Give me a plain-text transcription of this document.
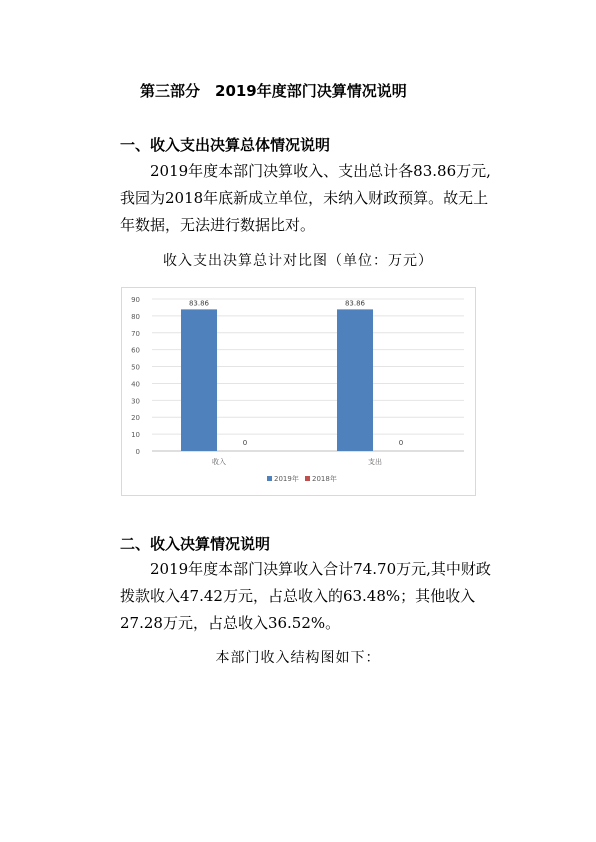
第三部分　2019年度部门决算情况说明
一、收入支出决算总体情况说明
2019年度本部门决算收入、支出总计各83.86万元,我园为2018年底新成立单位，未纳入财政预算。故无上年数据，无法进行数据比对。
收入支出决算总计对比图（单位：万元）
0
10
20
30
40
50
60
70
80
90	83.86
0
收入
83.86
0
支出
2019年 2018年
二、收入决算情况说明
2019年度本部门决算收入合计74.70万元,其中财政拨款收入47.42万元，占总收入的63.48%；其他收入27.28万元，占总收入36.52%。
本部门收入结构图如下：
